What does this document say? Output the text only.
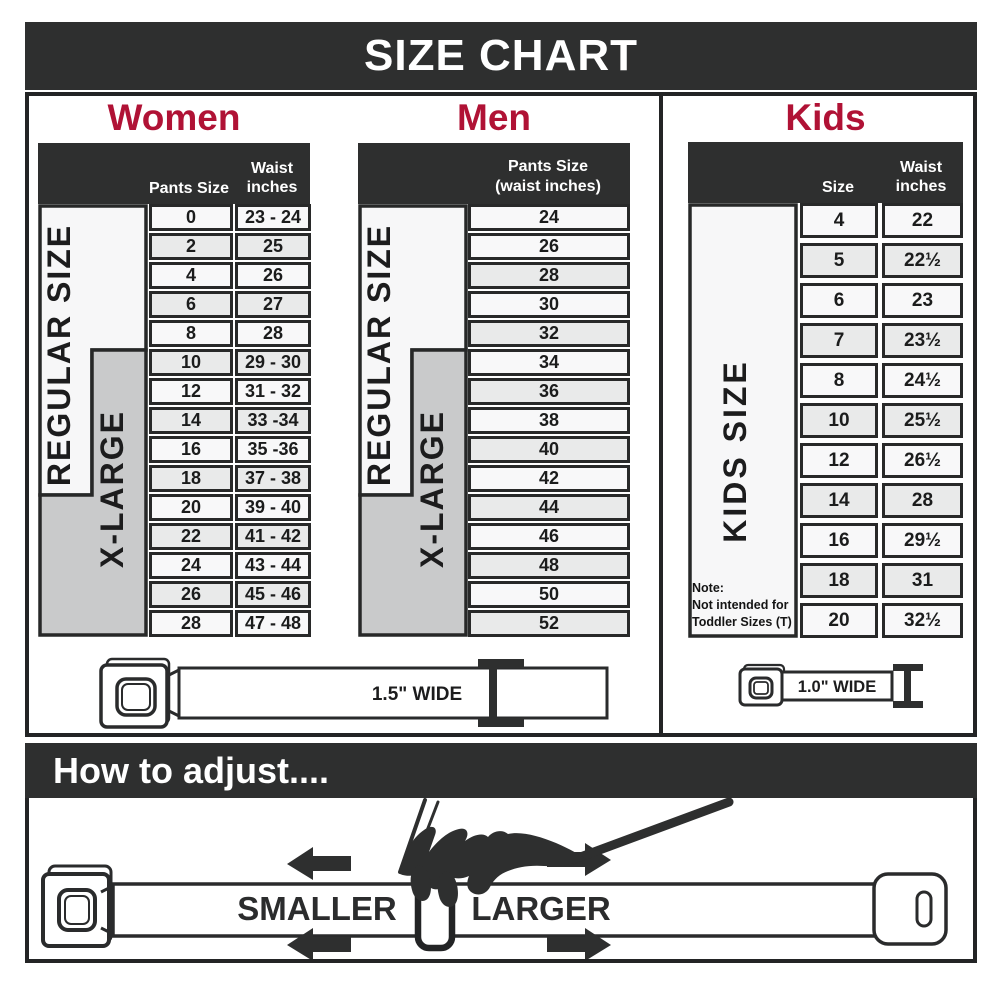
SIZE CHART
Women
Pants Size
Waist
inches
REGULAR SIZE
X-LARGE
0
2
4
6
8
10
12
14
16
18
20
22
24
26
28
23 - 24
25
26
27
28
29 - 30
31 - 32
33 -34
35 -36
37 - 38
39 - 40
41 - 42
43 - 44
45 - 46
47 - 48
Men
Pants Size
(waist inches)
REGULAR SIZE
X-LARGE
24
26
28
30
32
34
36
38
40
42
44
46
48
50
52
Kids
Size
Waist
inches
KIDS SIZE
Note:
Not intended for
Toddler Sizes (T)
4
5
6
7
8
10
12
14
16
18
20
22
22½
23
23½
24½
25½
26½
28
29½
31
32½
1.5" WIDE	1.0" WIDE
How to adjust....
SMALLER LARGER
